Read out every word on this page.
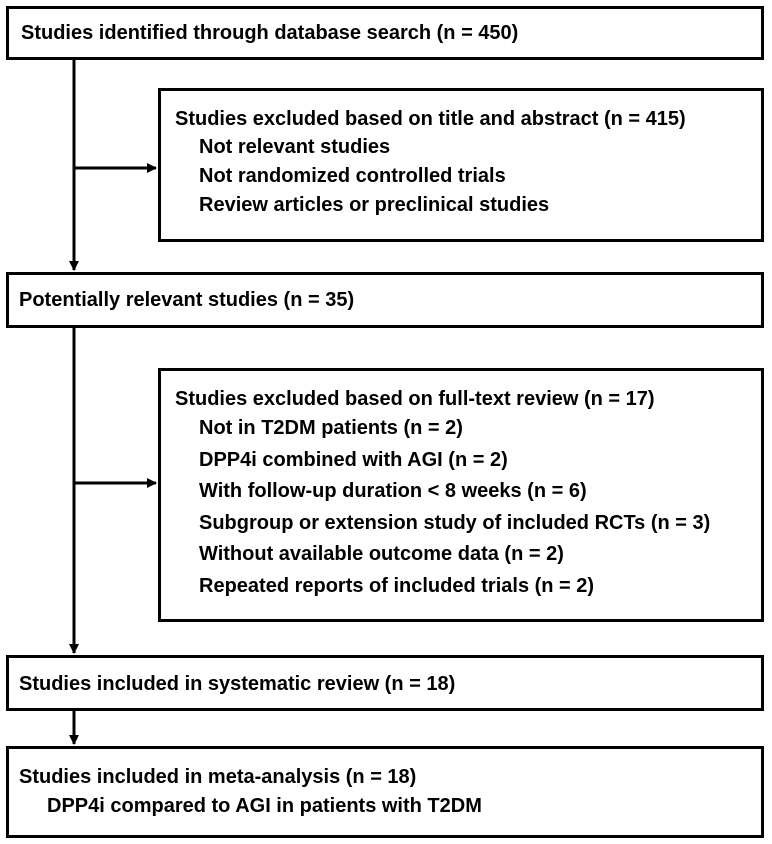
Studies identified through database search (n = 450)
Studies excluded based on title and abstract (n = 415)
Not relevant studies
Not randomized controlled trials
Review articles or preclinical studies
Potentially relevant studies (n = 35)
Studies excluded based on full-text review (n = 17)
Not in T2DM patients (n = 2)
DPP4i combined with AGI (n = 2)
With follow-up duration < 8 weeks (n = 6)
Subgroup or extension study of included RCTs (n = 3)
Without available outcome data (n = 2)
Repeated reports of included trials (n = 2)
Studies included in systematic review (n = 18)
Studies included in meta-analysis (n = 18)
DPP4i compared to AGI in patients with T2DM
